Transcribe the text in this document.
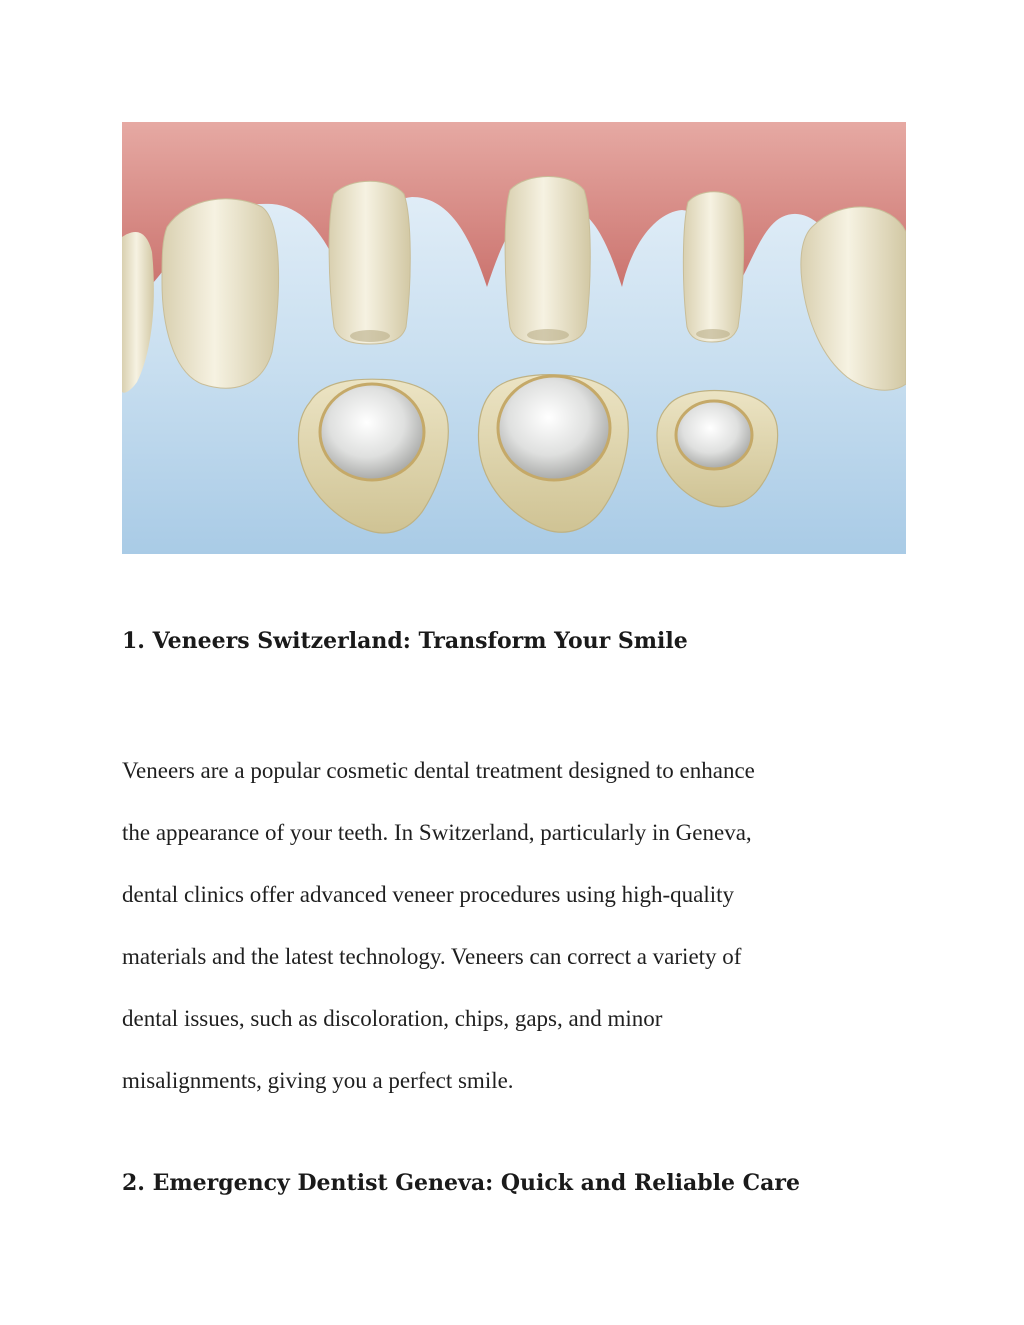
1. Veneers Switzerland: Transform Your Smile

Veneers are a popular cosmetic dental treatment designed to enhance
the appearance of your teeth. In Switzerland, particularly in Geneva,
dental clinics offer advanced veneer procedures using high-quality
materials and the latest technology. Veneers can correct a variety of
dental issues, such as discoloration, chips, gaps, and minor
misalignments, giving you a perfect smile.

2. Emergency Dentist Geneva: Quick and Reliable Care
